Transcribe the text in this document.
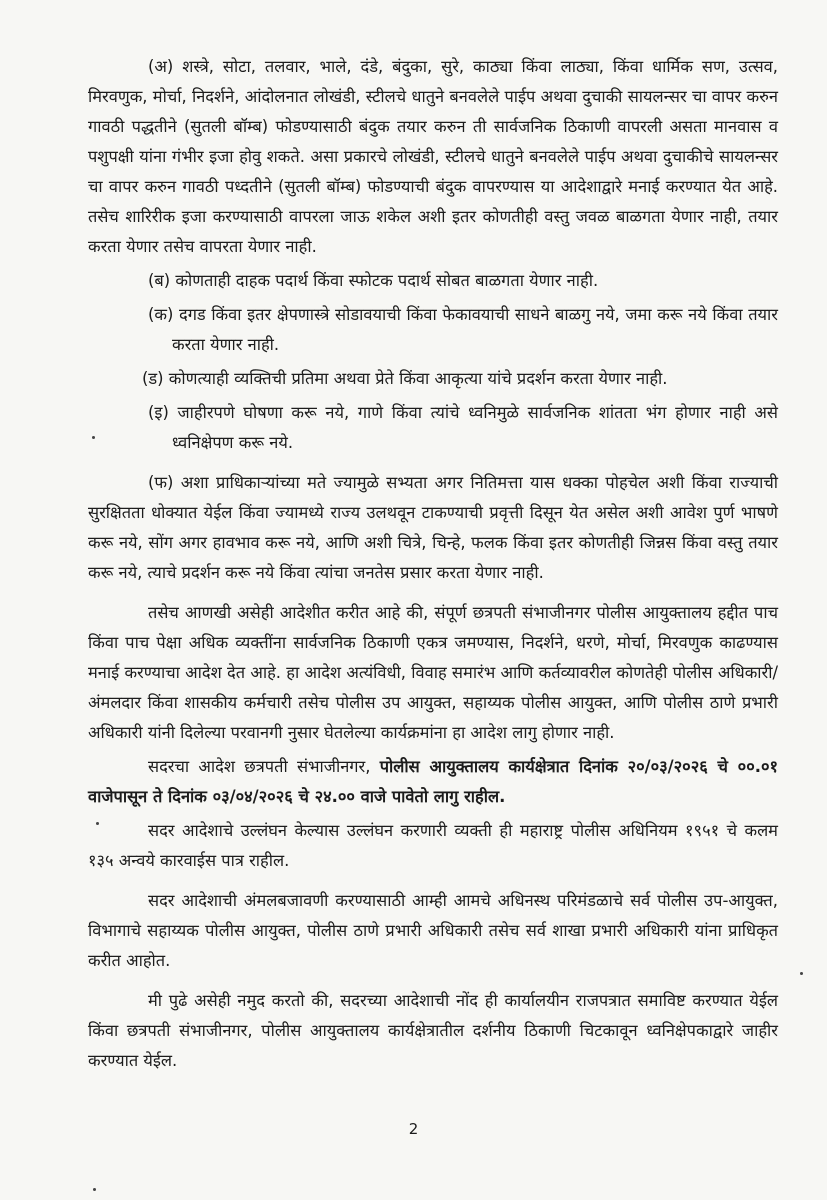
(अ) शस्त्रे, सोटा, तलवार, भाले, दंडे, बंदुका, सुरे, काठ्या किंवा लाठ्या, किंवा धार्मिक सण, उत्सव, मिरवणुक, मोर्चा, निदर्शने, आंदोलनात लोखंडी, स्टीलचे धातुने बनवलेले पाईप अथवा दुचाकी सायलन्सर चा वापर करुन गावठी पद्धतीने (सुतली बॉम्ब) फोडण्यासाठी बंदुक तयार करुन ती सार्वजनिक ठिकाणी वापरली असता मानवास व पशुपक्षी यांना गंभीर इजा होवु शकते. असा प्रकारचे लोखंडी, स्टीलचे धातुने बनवलेले पाईप अथवा दुचाकीचे सायलन्सर चा वापर करुन गावठी पध्दतीने (सुतली बॉम्ब) फोडण्याची बंदुक वापरण्यास या आदेशाद्वारे मनाई करण्यात येत आहे. तसेच शारिरीक इजा करण्यासाठी वापरला जाऊ शकेल अशी इतर कोणतीही वस्तु जवळ बाळगता येणार नाही, तयार करता येणार तसेच वापरता येणार नाही.

(ब) कोणताही दाहक पदार्थ किंवा स्फोटक पदार्थ सोबत बाळगता येणार नाही.

(क) दगड किंवा इतर क्षेपणास्त्रे सोडावयाची किंवा फेकावयाची साधने बाळगु नये, जमा करू नये किंवा तयार करता येणार नाही.

(ड) कोणत्याही व्यक्तिची प्रतिमा अथवा प्रेते किंवा आकृत्या यांचे प्रदर्शन करता येणार नाही.

(इ) जाहीरपणे घोषणा करू नये, गाणे किंवा त्यांचे ध्वनिमुळे सार्वजनिक शांतता भंग होणार नाही असे ध्वनिक्षेपण करू नये.

(फ) अशा प्राधिकाऱ्यांच्या मते ज्यामुळे सभ्यता अगर नितिमत्ता यास धक्का पोहचेल अशी किंवा राज्याची सुरक्षितता धोक्यात येईल किंवा ज्यामध्ये राज्य उलथवून टाकण्याची प्रवृत्ती दिसून येत असेल अशी आवेश पुर्ण भाषणे करू नये, सोंग अगर हावभाव करू नये, आणि अशी चित्रे, चिन्हे, फलक किंवा इतर कोणतीही जिन्नस किंवा वस्तु तयार करू नये, त्याचे प्रदर्शन करू नये किंवा त्यांचा जनतेस प्रसार करता येणार नाही.

तसेच आणखी असेही आदेशीत करीत आहे की, संपूर्ण छत्रपती संभाजीनगर पोलीस आयुक्तालय हद्दीत पाच किंवा पाच पेक्षा अधिक व्यक्तींना सार्वजनिक ठिकाणी एकत्र जमण्यास, निदर्शने, धरणे, मोर्चा, मिरवणुक काढण्यास मनाई करण्याचा आदेश देत आहे. हा आदेश अत्यंविधी, विवाह समारंभ आणि कर्तव्यावरील कोणतेही पोलीस अधिकारी/अंमलदार किंवा शासकीय कर्मचारी तसेच पोलीस उप आयुक्त, सहाय्यक पोलीस आयुक्त, आणि पोलीस ठाणे प्रभारी अधिकारी यांनी दिलेल्या परवानगी नुसार घेतलेल्या कार्यक्रमांना हा आदेश लागु होणार नाही.

सदरचा आदेश छत्रपती संभाजीनगर, पोलीस आयुक्तालय कार्यक्षेत्रात दिनांक २०/०३/२०२६ चे ००.०१ वाजेपासून ते दिनांक ०३/०४/२०२६ चे २४.०० वाजे पावेतो लागु राहील.

सदर आदेशाचे उल्लंघन केल्यास उल्लंघन करणारी व्यक्ती ही महाराष्ट्र पोलीस अधिनियम १९५१ चे कलम १३५ अन्वये कारवाईस पात्र राहील.

सदर आदेशाची अंमलबजावणी करण्यासाठी आम्ही आमचे अधिनस्थ परिमंडळाचे सर्व पोलीस उप-आयुक्त, विभागाचे सहाय्यक पोलीस आयुक्त, पोलीस ठाणे प्रभारी अधिकारी तसेच सर्व शाखा प्रभारी अधिकारी यांना प्राधिकृत करीत आहोत.

मी पुढे असेही नमुद करतो की, सदरच्या आदेशाची नोंद ही कार्यालयीन राजपत्रात समाविष्ट करण्यात येईल किंवा छत्रपती संभाजीनगर, पोलीस आयुक्तालय कार्यक्षेत्रातील दर्शनीय ठिकाणी चिटकावून ध्वनिक्षेपकाद्वारे जाहीर करण्यात येईल.

2
